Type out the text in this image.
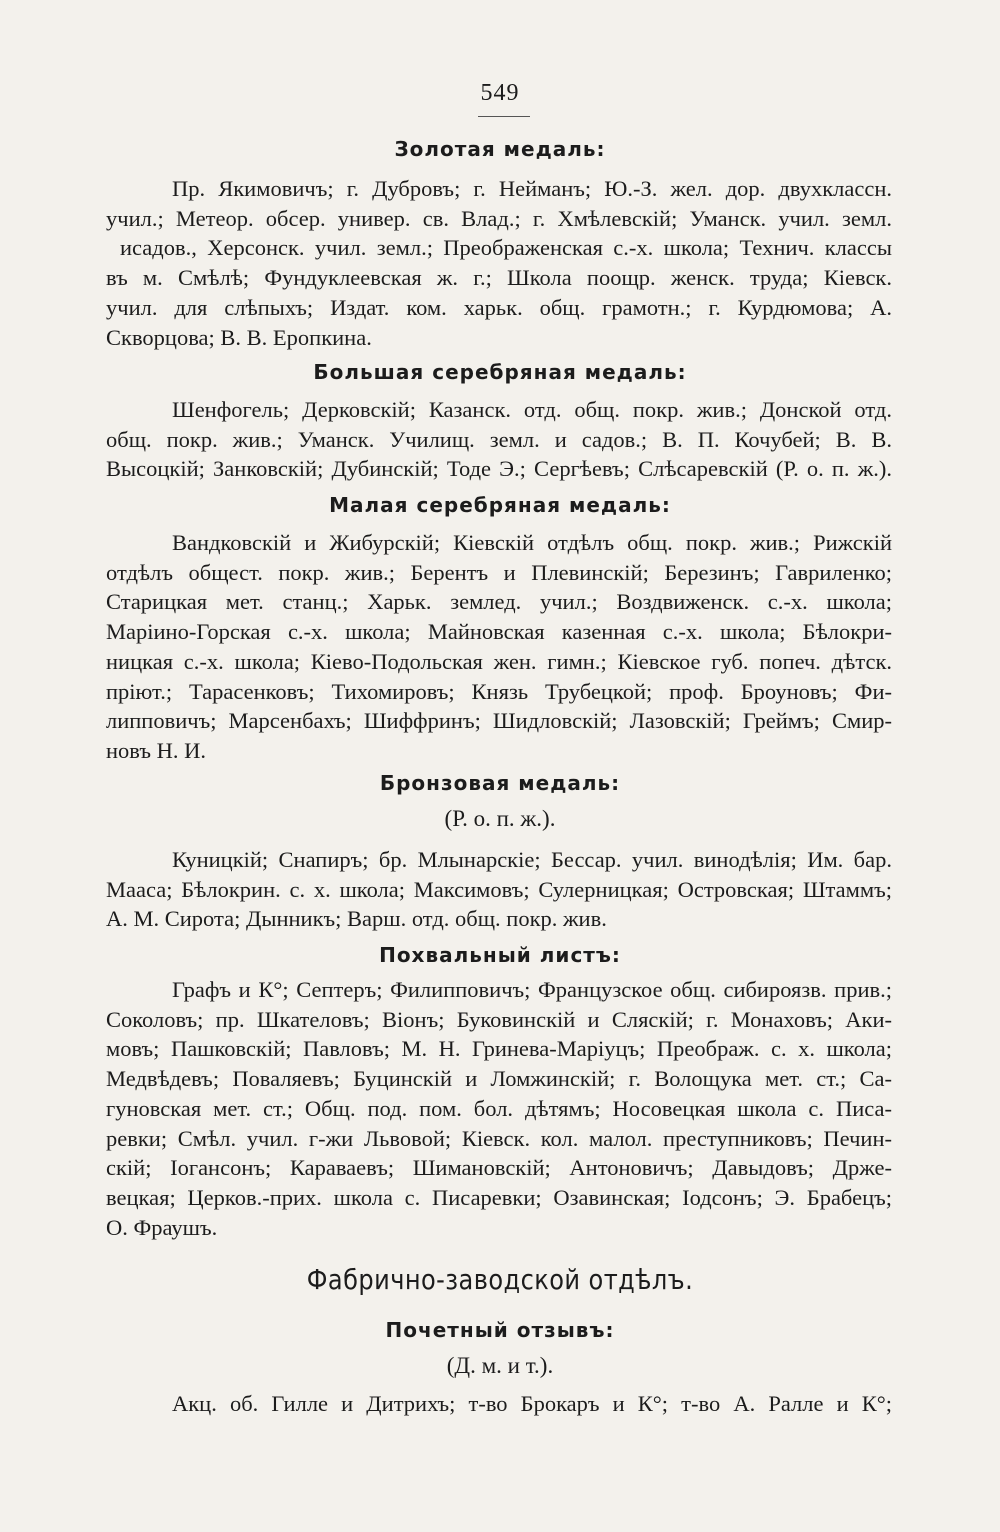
549
Золотая медаль:
Пр. Якимовичъ; г. Дубровъ; г. Нейманъ; Ю.-З. жел. дор. двухклассн.
учил.; Метеор. обсер. универ. св. Влад.; г. Хмѣлевскій; Уманск. учил. земл.
исадов., Херсонск. учил. земл.; Преображенская с.-х. школа; Технич. классы
въ м. Смѣлѣ; Фундуклеевская ж. г.; Школа поощр. женск. труда; Кіевск.
учил. для слѣпыхъ; Издат. ком. харьк. общ. грамотн.; г. Курдюмова; А.
Скворцова; В. В. Еропкина.
Большая серебряная медаль:
Шенфогель; Дерковскій; Казанск. отд. общ. покр. жив.; Донской отд.
общ. покр. жив.; Уманск. Училищ. земл. и садов.; В. П. Кочубей; В. В.
Высоцкій; Занковскій; Дубинскій; Тоде Э.; Сергѣевъ; Слѣсаревскій (Р. о. п. ж.).
Малая серебряная медаль:
Вандковскій и Жибурскій; Кіевскій отдѣлъ общ. покр. жив.; Рижскій
отдѣлъ общест. покр. жив.; Берентъ и Плевинскій; Березинъ; Гавриленко;
Старицкая мет. станц.; Харьк. землед. учил.; Воздвиженск. с.-х. школа;
Маріино-Горская с.-х. школа; Майновская казенная с.-х. школа; Бѣлокри-
ницкая с.-х. школа; Кіево-Подольская жен. гимн.; Кіевское губ. попеч. дѣтск.
пріют.; Тарасенковъ; Тихомировъ; Князь Трубецкой; проф. Броуновъ; Фи-
липповичъ; Марсенбахъ; Шиффринъ; Шидловскій; Лазовскій; Греймъ; Смир-
новъ Н. И.
Бронзовая медаль:
(Р. о. п. ж.).
Куницкій; Снапиръ; бр. Млынарскіе; Бессар. учил. винодѣлія; Им. бар.
Мааса; Бѣлокрин. с. х. школа; Максимовъ; Сулерницкая; Островская; Штаммъ;
А. М. Сирота; Дынникъ; Варш. отд. общ. покр. жив.
Похвальный листъ:
Графъ и К°; Септеръ; Филипповичъ; Французское общ. сибироязв. прив.;
Соколовъ; пр. Шкателовъ; Віонъ; Буковинскій и Сляскій; г. Монаховъ; Аки-
мовъ; Пашковскій; Павловъ; М. Н. Гринева-Маріуцъ; Преображ. с. х. школа;
Медвѣдевъ; Поваляевъ; Буцинскій и Ломжинскій; г. Волощука мет. ст.; Са-
гуновская мет. ст.; Общ. под. пом. бол. дѣтямъ; Носовецкая школа с. Писа-
ревки; Смѣл. учил. г-жи Львовой; Кіевск. кол. малол. преступниковъ; Печин-
скій; Іогансонъ; Караваевъ; Шимановскій; Антоновичъ; Давыдовъ; Држе-
вецкая; Церков.-прих. школа с. Писаревки; Озавинская; Іодсонъ; Э. Брабецъ;
О. Фраушъ.
Фабрично-заводской отдѣлъ.
Почетный отзывъ:
(Д. м. и т.).
Акц. об. Гилле и Дитрихъ; т-во Брокаръ и К°; т-во А. Ралле и К°;
